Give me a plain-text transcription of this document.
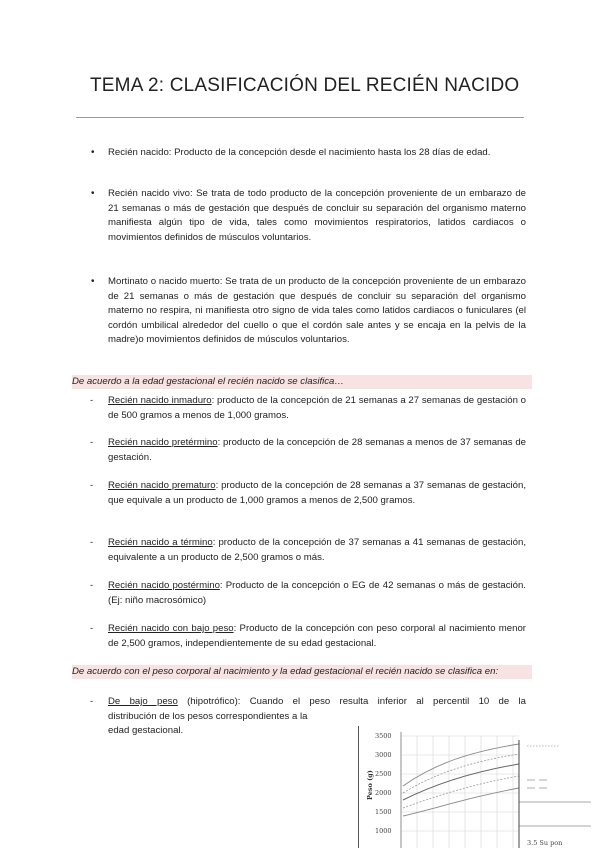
TEMA 2: CLASIFICACIÓN DEL RECIÉN NACIDO

• Recién nacido: Producto de la concepción desde el nacimiento hasta los 28 días de edad.

• Recién nacido vivo: Se trata de todo producto de la concepción proveniente de un embarazo de 21 semanas o más de gestación que después de concluir su separación del organismo materno manifiesta algún tipo de vida, tales como movimientos respiratorios, latidos cardiacos o movimientos definidos de músculos voluntarios.

• Mortinato o nacido muerto: Se trata de un producto de la concepción proveniente de un embarazo de 21 semanas o más de gestación que después de concluir su separación del organismo materno no respira, ni manifiesta otro signo de vida tales como latidos cardiacos o funiculares (el cordón umbilical alrededor del cuello o que el cordón sale antes y se encaja en la pelvis de la madre)o movimientos definidos de músculos voluntarios.

De acuerdo a la edad gestacional el recién nacido se clasifica…

- Recién nacido inmaduro: producto de la concepción de 21 semanas a 27 semanas de gestación o de 500 gramos a menos de 1,000 gramos.

- Recién nacido pretérmino: producto de la concepción de 28 semanas a menos de 37 semanas de gestación.

- Recién nacido prematuro: producto de la concepción de 28 semanas a 37 semanas de gestación, que equivale a un producto de 1,000 gramos a menos de 2,500 gramos.

- Recién nacido a término: producto de la concepción de 37 semanas a 41 semanas de gestación, equivalente a un producto de 2,500 gramos o más.

- Recién nacido postérmino: Producto de la concepción o EG de 42 semanas o más de gestación. (Ej: niño macrosómico)

- Recién nacido con bajo peso: Producto de la concepción con peso corporal al nacimiento menor de 2,500 gramos, independientemente de su edad gestacional.

De acuerdo con el peso corporal al nacimiento y la edad gestacional el recién nacido se clasifica en:
- De bajo peso (hipotrófico): Cuando el peso resulta inferior al percentil 10 de la
distribución de los pesos correspondientes a la
edad gestacional.	3500
3000
2500
2000
1500
1000
Peso (g)
3.5 Su pon
